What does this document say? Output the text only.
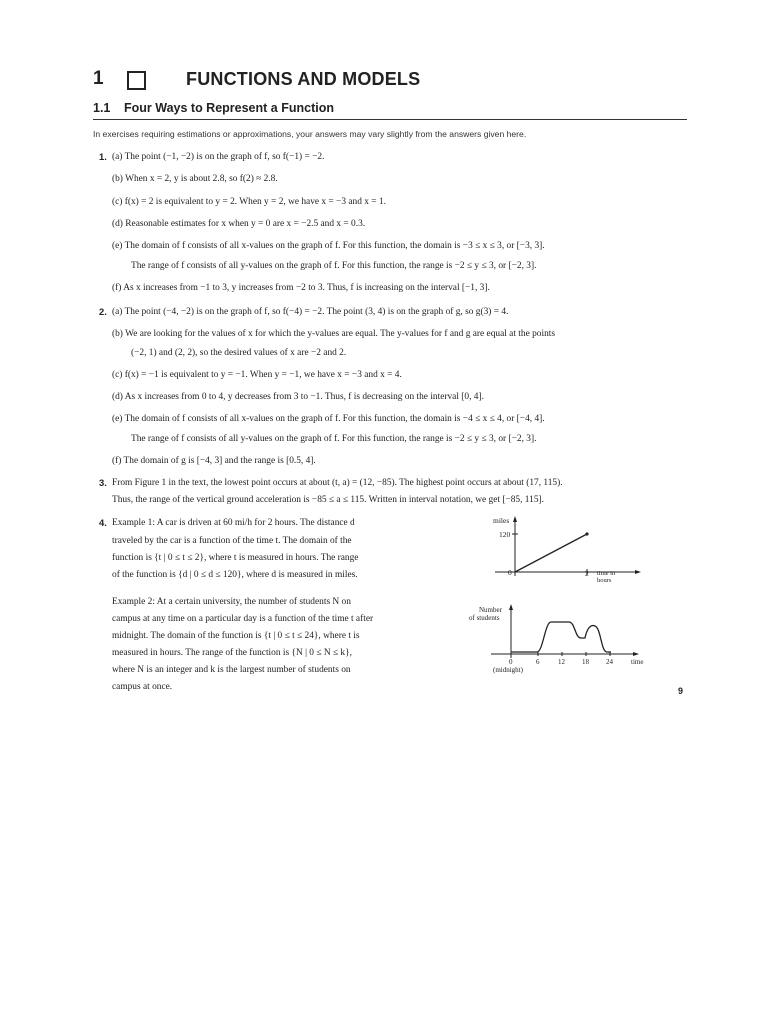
1	FUNCTIONS AND MODELS
1.1 Four Ways to Represent a Function
In exercises requiring estimations or approximations, your answers may vary slightly from the answers given here.
1. (a) The point (−1, −2) is on the graph of f, so f(−1) = −2.
(b) When x = 2, y is about 2.8, so f(2) ≈ 2.8.
(c) f(x) = 2 is equivalent to y = 2. When y = 2, we have x = −3 and x = 1.
(d) Reasonable estimates for x when y = 0 are x = −2.5 and x = 0.3.
(e) The domain of f consists of all x-values on the graph of f. For this function, the domain is −3 ≤ x ≤ 3, or [−3, 3].
The range of f consists of all y-values on the graph of f. For this function, the range is −2 ≤ y ≤ 3, or [−2, 3].
(f) As x increases from −1 to 3, y increases from −2 to 3. Thus, f is increasing on the interval [−1, 3].
2. (a) The point (−4, −2) is on the graph of f, so f(−4) = −2. The point (3, 4) is on the graph of g, so g(3) = 4.
(b) We are looking for the values of x for which the y-values are equal. The y-values for f and g are equal at the points
(−2, 1) and (2, 2), so the desired values of x are −2 and 2.
(c) f(x) = −1 is equivalent to y = −1. When y = −1, we have x = −3 and x = 4.
(d) As x increases from 0 to 4, y decreases from 3 to −1. Thus, f is decreasing on the interval [0, 4].
(e) The domain of f consists of all x-values on the graph of f. For this function, the domain is −4 ≤ x ≤ 4, or [−4, 4].
The range of f consists of all y-values on the graph of f. For this function, the range is −2 ≤ y ≤ 3, or [−2, 3].
(f) The domain of g is [−4, 3] and the range is [0.5, 4].
3. From Figure 1 in the text, the lowest point occurs at about (t, a) = (12, −85). The highest point occurs at about (17, 115).
Thus, the range of the vertical ground acceleration is −85 ≤ a ≤ 115. Written in interval notation, we get [−85, 115].
4. Example 1: A car is driven at 60 mi/h for 2 hours. The distance d
traveled by the car is a function of the time t. The domain of the
function is {t | 0 ≤ t ≤ 2}, where t is measured in hours. The range
of the function is {d | 0 ≤ d ≤ 120}, where d is measured in miles.
Example 2: At a certain university, the number of students N on
campus at any time on a particular day is a function of the time t after
midnight. The domain of the function is {t | 0 ≤ t ≤ 24}, where t is
measured in hours. The range of the function is {N | 0 ≤ N ≤ k},
where N is an integer and k is the largest number of students on
campus at once.
miles
120
0	2 time in
hours
Number
of students
0	6	12 18 24	time
(midnight)
9
